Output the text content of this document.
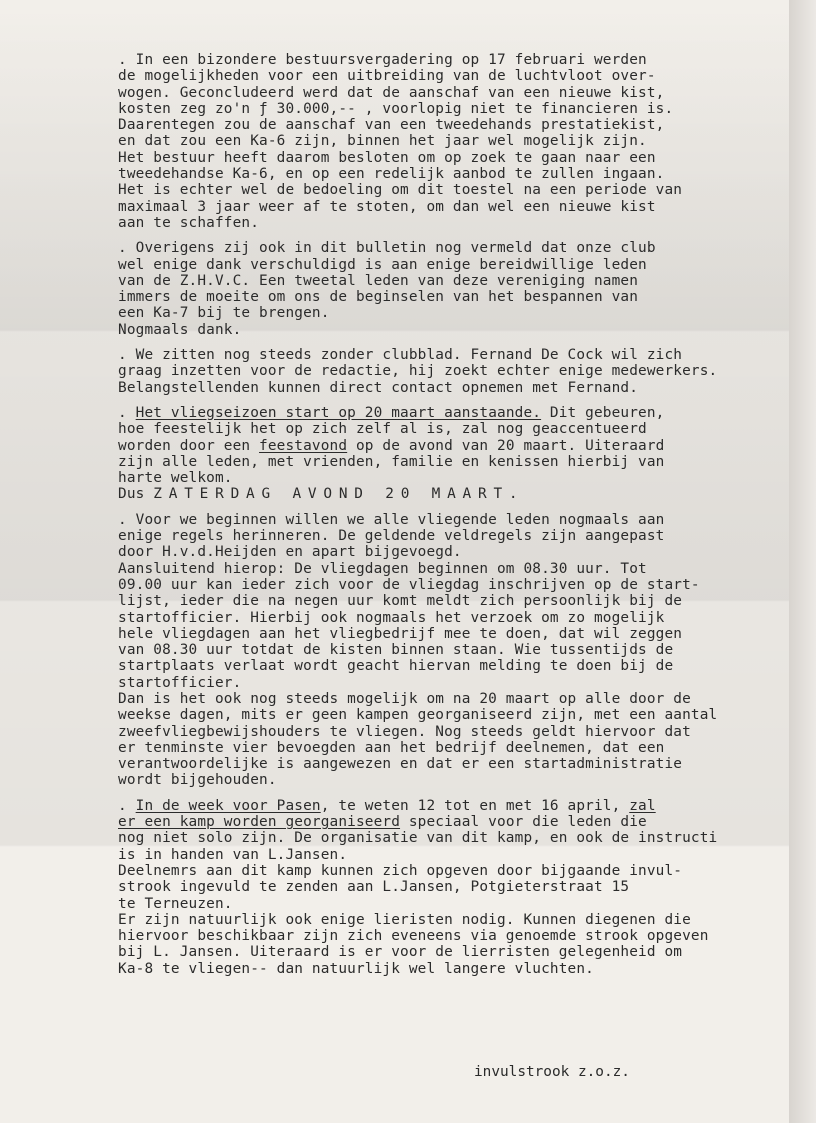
. In een bizondere bestuursvergadering op 17 februari werden
de mogelijkheden voor een uitbreiding van de luchtvloot over-
wogen. Geconcludeerd werd dat de aanschaf van een nieuwe kist,
kosten zeg zo'n ƒ 30.000,-- , voorlopig niet te financieren is.
Daarentegen zou de aanschaf van een tweedehands prestatiekist,
en dat zou een Ka-6 zijn, binnen het jaar wel mogelijk zijn.
Het bestuur heeft daarom besloten om op zoek te gaan naar een
tweedehandse Ka-6, en op een redelijk aanbod te zullen ingaan.
Het is echter wel de bedoeling om dit toestel na een periode van
maximaal 3 jaar weer af te stoten, om dan wel een nieuwe kist
aan te schaffen.
. Overigens zij ook in dit bulletin nog vermeld dat onze club
wel enige dank verschuldigd is aan enige bereidwillige leden
van de Z.H.V.C. Een tweetal leden van deze vereniging namen
immers de moeite om ons de beginselen van het bespannen van
een Ka-7 bij te brengen.
Nogmaals dank.
. We zitten nog steeds zonder clubblad. Fernand De Cock wil zich
graag inzetten voor de redactie, hij zoekt echter enige medewerkers.
Belangstellenden kunnen direct contact opnemen met Fernand.
. Het vliegseizoen start op 20 maart aanstaande. Dit gebeuren,
hoe feestelijk het op zich zelf al is, zal nog geaccentueerd
worden door een feestavond op de avond van 20 maart. Uiteraard
zijn alle leden, met vrienden, familie en kenissen hierbij van
harte welkom.
Dus ZATERDAG AVOND 20 MAART.
. Voor we beginnen willen we alle vliegende leden nogmaals aan
enige regels herinneren. De geldende veldregels zijn aangepast
door H.v.d.Heijden en apart bijgevoegd.
Aansluitend hierop: De vliegdagen beginnen om 08.30 uur. Tot
09.00 uur kan ieder zich voor de vliegdag inschrijven op de start-
lijst, ieder die na negen uur komt meldt zich persoonlijk bij de
startofficier. Hierbij ook nogmaals het verzoek om zo mogelijk
hele vliegdagen aan het vliegbedrijf mee te doen, dat wil zeggen
van 08.30 uur totdat de kisten binnen staan. Wie tussentijds de
startplaats verlaat wordt geacht hiervan melding te doen bij de
startofficier.
Dan is het ook nog steeds mogelijk om na 20 maart op alle door de
weekse dagen, mits er geen kampen georganiseerd zijn, met een aantal
zweefvliegbewijshouders te vliegen. Nog steeds geldt hiervoor dat
er tenminste vier bevoegden aan het bedrijf deelnemen, dat een
verantwoordelijke is aangewezen en dat er een startadministratie
wordt bijgehouden.
. In de week voor Pasen, te weten 12 tot en met 16 april, zal
er een kamp worden georganiseerd speciaal voor die leden die
nog niet solo zijn. De organisatie van dit kamp, en ook de instructi
is in handen van L.Jansen.
Deelnemrs aan dit kamp kunnen zich opgeven door bijgaande invul-
strook ingevuld te zenden aan L.Jansen, Potgieterstraat 15
te Terneuzen.
Er zijn natuurlijk ook enige lieristen nodig. Kunnen diegenen die
hiervoor beschikbaar zijn zich eveneens via genoemde strook opgeven
bij L. Jansen. Uiteraard is er voor de lierristen gelegenheid om
Ka-8 te vliegen-- dan natuurlijk wel langere vluchten.
invulstrook z.o.z.
